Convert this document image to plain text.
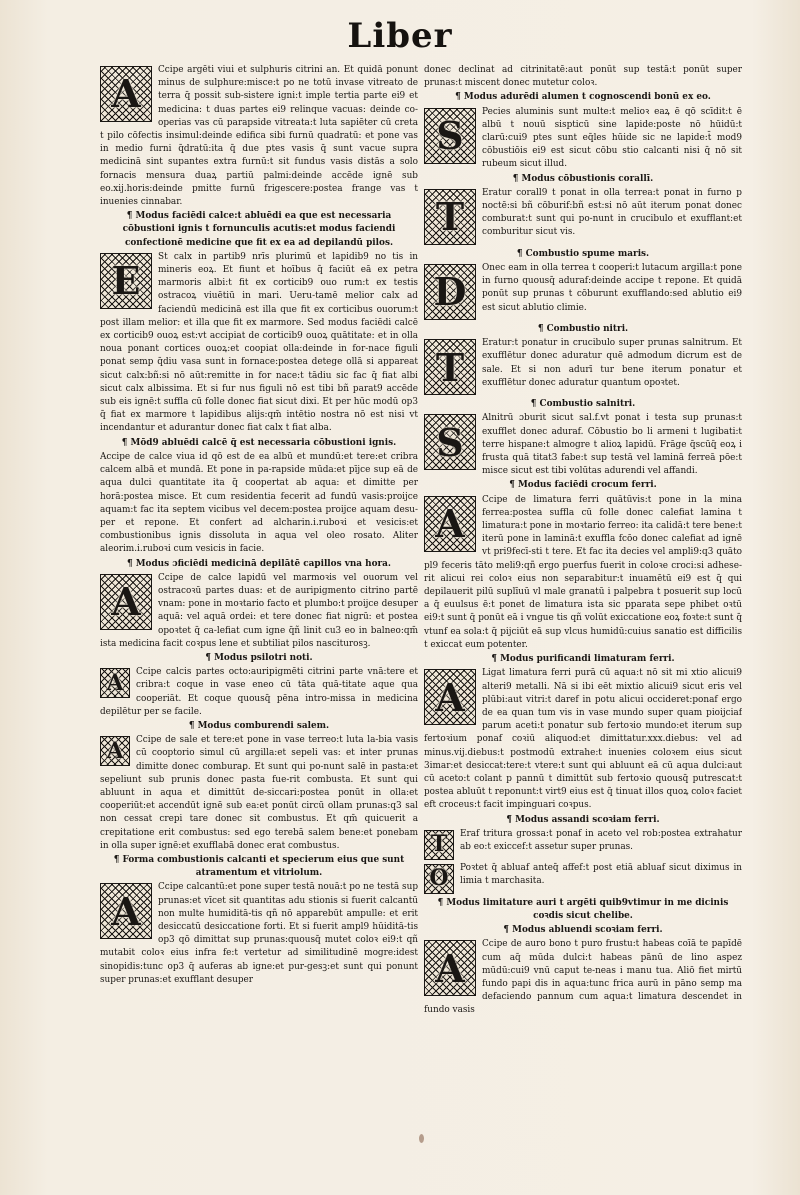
Liber
A
Ccipe argēti viui et sulphuris citrini an. Et quidā ponunt minus de sulphure:misce:t po ne totū invase vitreato de terra q̄ possit sub-sistere igni:t imple tertia parte ei9 et medicina: t duas partes ei9 relinque vacuas: deinde co-operias vas cū parapside vitreata:t luta sapiēter cū creta t pilo cōfectis insimul:deinde edifica sibi furnū quadratū: et pone vas in medio furni q̄dratū:ita q̄ due ptes vasis q̄ sunt vacue supra medicinā sint supantes extra furnū:t sit fundus vasis distās a solo fornacis mensura duaꝝ partiū palmi:deinde accēde ignē sub eo.xij.horis:deinde pmitte furnū frigescere:postea frange vas t inuenies cinnabar.
¶ Modus faciēdi calce:t abluēdi ea que est necessaria cōbustioni ignis t fornunculis acutis:et modus faciendi confectionē medicine que fit ex ea ad depilandū pilos.
E
St calx in partib9 nrīs plurimū et lapidib9 no tis in mineris eoꝝ. Et fiunt et hoībus q̄ faciūt eā ex petra marmoris albi:t fit ex corticib9 ouo rum:t ex testis ostracoꝝ viuētiū in mari. Ueru-tamē melior calx ad faciendū medicinā est illa que fit ex corticibus ouorum:t post illam melior: et illa que fit ex marmore. Sed modus faciēdi calcē ex corticib9 ouoꝝ est:vt accipiat de corticib9 ouoꝝ quātitate: et in olla noua ponant cortices ouoꝝ:et coopiat olla:deinde in for-nace figuli ponat semp q̄diu vasa sunt in fornace:postea detege ollā si appareat sicut calx:bñ:si nō aūt:remitte in for nace:t tādiu sic fac q̄ fiat albi sicut calx albissima. Et si fur nus figuli nō est tibi bñ parat9 accēde sub eis ignē:t suffla cū folle donec fiat sicut dixi. Et per hūc modū op3 q̄ fiat ex marmore t lapidibus alijs:qm̄ intētio nostra nō est nisi vt incendantur et adurantur donec fiat calx t fiat alba.
¶ Mōd9 abluēdi calcē q̄ est necessaria cōbustioni ignis.
Accipe de calce viua id qō est de ea albū et mundū:et tere:et cribra calcem albā et mundā. Et pone in pa-rapside mūda:et pījce sup eā de aqua dulci quantitate ita q̄ coopertat ab aqua: et dimitte per horā:postea misce. Et cum residentia fecerit ad fundū vasis:proijce aquam:t fac ita septem vicibus vel decem:postea proijce aquam desu-per et repone. Et confert ad alcharin.i.ruboꝛi et vesicis:et combustionibus ignis dissoluta in aqua vel oleo rosato. Aliter aleorim.i.ruboꝛi cum vesicis in facie.
¶ Modus ɔficiēdi medicinā depilātē capillos vna hora.
A
Ccipe de calce lapidū vel marmoꝛis vel ouorum vel ostracoꝛū partes duas: et de auripigmento citrino partē vnam: pone in moꝛtario facto et plumbo:t proijce desuper aquā: vel aquā ordei: et tere donec fiat nigrū: et postea opoꝛtet q̄ ca-lefiat cum igne q̄ñ linit cu3 eo in balneo:qm̄ ista medicina facit coꝛpus lene et subtiliat pilos nasciturosꝫ.
¶ Modus psilotri noti.
A	Ccipe calcis partes octo:auripigmēti citrini parte vnā:tere et cribra:t coque in vase eneo cū tāta quā-titate aque qua cooperiāt. Et coque quousq̄ pēna intro-missa in medicina depilētur per se facile.
¶ Modus comburendi salem.
A	Ccipe de sale et tere:et pone in vase terreo:t luta la-bia vasis cū cooptorio simul cū argilla:et sepeli vas: et inter prunas dimitte donec comburaꝑ. Et sunt qui po-nunt salē in pasta:et sepeliunt sub prunis donec pasta fue-rit combusta. Et sunt qui abluunt in aqua et dimittūt de-siccari:postea ponūt in olla:et cooperiūt:et accendūt ignē sub ea:et ponūt circū ollam prunas:q3 sal non cessat crepi tare donec sit combustus. Et qm̄ quicuerit a crepitatione erit combustus: sed ego terebā salem bene:et ponebam in olla super ignē:et exufflabā donec erat combustus.
¶ Forma combustionis calcanti et specierum eius que sunt atramentum et vitriolum.
A
Ccipe calcantū:et pone super testā nouā:t po ne testā sup prunas:et vīcet sit quantitas adu stionis si fuerit calcantū non multe humiditā-tis qñ nō apparebūt ampulle: et erit desiccatū desiccatione forti. Et si fuerit ampl9 hūiditā-tis op3 qō dimittat sup prunas:quousq̄ mutet coloꝛ ei9:t qñ mutabit coloꝛ eius infra fe:t vertetur ad similitudinē mogre:idest sinopidis:tunc op3 q̄ auferas ab igne:et pur-gesꝫ:et sunt qui ponunt super prunas:et exufflant desuper
donec declinat ad citrinitatē:aut ponūt sup testā:t ponūt super prunas:t miscent donec mutetur coloꝛ.
¶ Modus adurēdi alumen t cognoscendi bonū ex eo.
S
Pecies aluminis sunt multe:t melioꝛ eaꝝ ē qō scīdit:t ē albū t nouū sispticū sine lapide:poste nō hūidū:t clarū:cui9 ptes sunt eq̄les hūide sic ne lapide:t̄ mod9 cōbustiōis ei9 est sicut cōbu stio calcanti nisi q̄ nō sit rubeum sicut illud.
¶ Modus cōbustionis corallī.
T
Eratur corall9 t ponat in olla terrea:t ponat in furno p noctē:si bñ cōburif:bñ est:si nō aūt iterum ponat donec comburat:t sunt qui po-nunt in crucibulo et exufflant:et comburitur sicut vis.
¶ Combustio spume maris.
D
Onec eam in olla terrea t cooperi:t lutacum argilla:t pone in furno quousq̄ aduraf:deinde accipe t repone. Et quidā ponūt sup prunas t cōburunt exufflando:sed ablutio ei9 est sicut ablutio climie.
¶ Combustio nitri.
T
Eratur:t ponatur in crucibulo super prunas salnitrum. Et exufflētur donec aduratur quē admodum dicrum est de sale. Et si non adurī tur bene iterum ponatur et exufflētur donec aduratur quantum opoꝛtet.
¶ Combustio salnitri.
S
Alnitrū ɔburit sicut sal.f.vt ponat i testa sup prunas:t exufflet donec aduraf. Cōbustio bo li armeni t lugibati:t terre hispane:t almogre t alioꝝ lapidū. Frāge q̄scūq̄ eoꝝ i frusta quā titat3 fabe:t sup testā vel laminā ferreā pōe:t misce sicut est tibi volūtas adurendi vel affandi.
¶ Modus faciēdi crocum ferri.
A
Ccipe de limatura ferri quātūvis:t pone in la mina ferrea:postea suffla cū folle donec calefiat lamina t limatura:t pone in moꝛtario ferreo: ita calidā:t tere bene:t iterū pone in laminā:t exuffla fcōo donec calefiat ad ignē vt pri9fecī-sti t tere. Et fac ita decies vel ampli9:q3 quāto pl9 feceris tāto meli9:qñ ergo puerfus fuerit in coloꝛe croci:si adhese-rit alicui rei coloꝛ eius non separabitur:t inuamētū ei9 est q̄ qui depilauerit pilū suplīuū vl male granatū i palpebra t posuerit sup locū a q̄ euulsus ē:t ponet de limatura ista sic pparata sepe phibet oꝛtū ei9:t sunt q̄ ponūt eā i vngue tis qñ volūt exiccatione eoꝝ foꝛte:t sunt q̄ vtunf ea sola:t q̄ pijciūt eā sup vlcus humidū:cuius sanatio est difficilis t exiccat eum potenter.
¶ Modus purificandi limaturam ferri.
A
Ligat limatura ferri purā cū aqua:t nō sit mi xtio alicui9 alteri9 metalli. Nā si ibi eēt mixtio alicui9 sicut eris vel plūbi:aut vitri:t daref in potu alicui occideret:ponaf ergo de ea quan tum vis in vase mundo super quam pioijciaf parum aceti:t ponatur sub fertoꝛio mundo:et iterum sup fertoꝛium ponaf coꝛiū aliquod:et dimittatur.xxx.diebus: vel ad minus.vij.diebus:t postmodū extrahe:t inuenies coloꝛem eius sicut 3imar:et desiccat:tere:t vtere:t sunt qui abluunt eā cū aqua dulci:aut cū aceto:t colant p pannū t dimittūt sub fertoꝛio quousq̄ putrescat:t postea abluūt t reponunt:t virt9 eius est q̄ tinuat illos quoꝝ coloꝛ faciet eft croceus:t facit impinguari coꝛpus.
¶ Modus assandi scoꝛiam ferri.
T	Eraf tritura grossa:t ponaf in aceto vel rob:postea extrahatur ab eo:t exiccef:t assetur super prunas.
O	Poꝛtet q̄ abluaf anteq̄ affef:t post etiā abluaf sicut diximus in limia t marchasita.
¶ Modus limitature auri t argēti quib9vtimur in me dicinis coꝛdis sicut chelibe.
¶ Modus abluendi scoꝛiam ferri.
A
Ccipe de auro bono t puro frustu:t habeas coīā te papīdē cum aq̄ mūda dulci:t habeas pānū de lino aspez mūdū:cui9 vnū caput te-neas i manu tua. Aliō fiet mirtū fundo papi dis in aqua:tunc frica aurū in pāno semp ma defaciendo pannum cum aqua:t limatura descendet in fundo vasis
